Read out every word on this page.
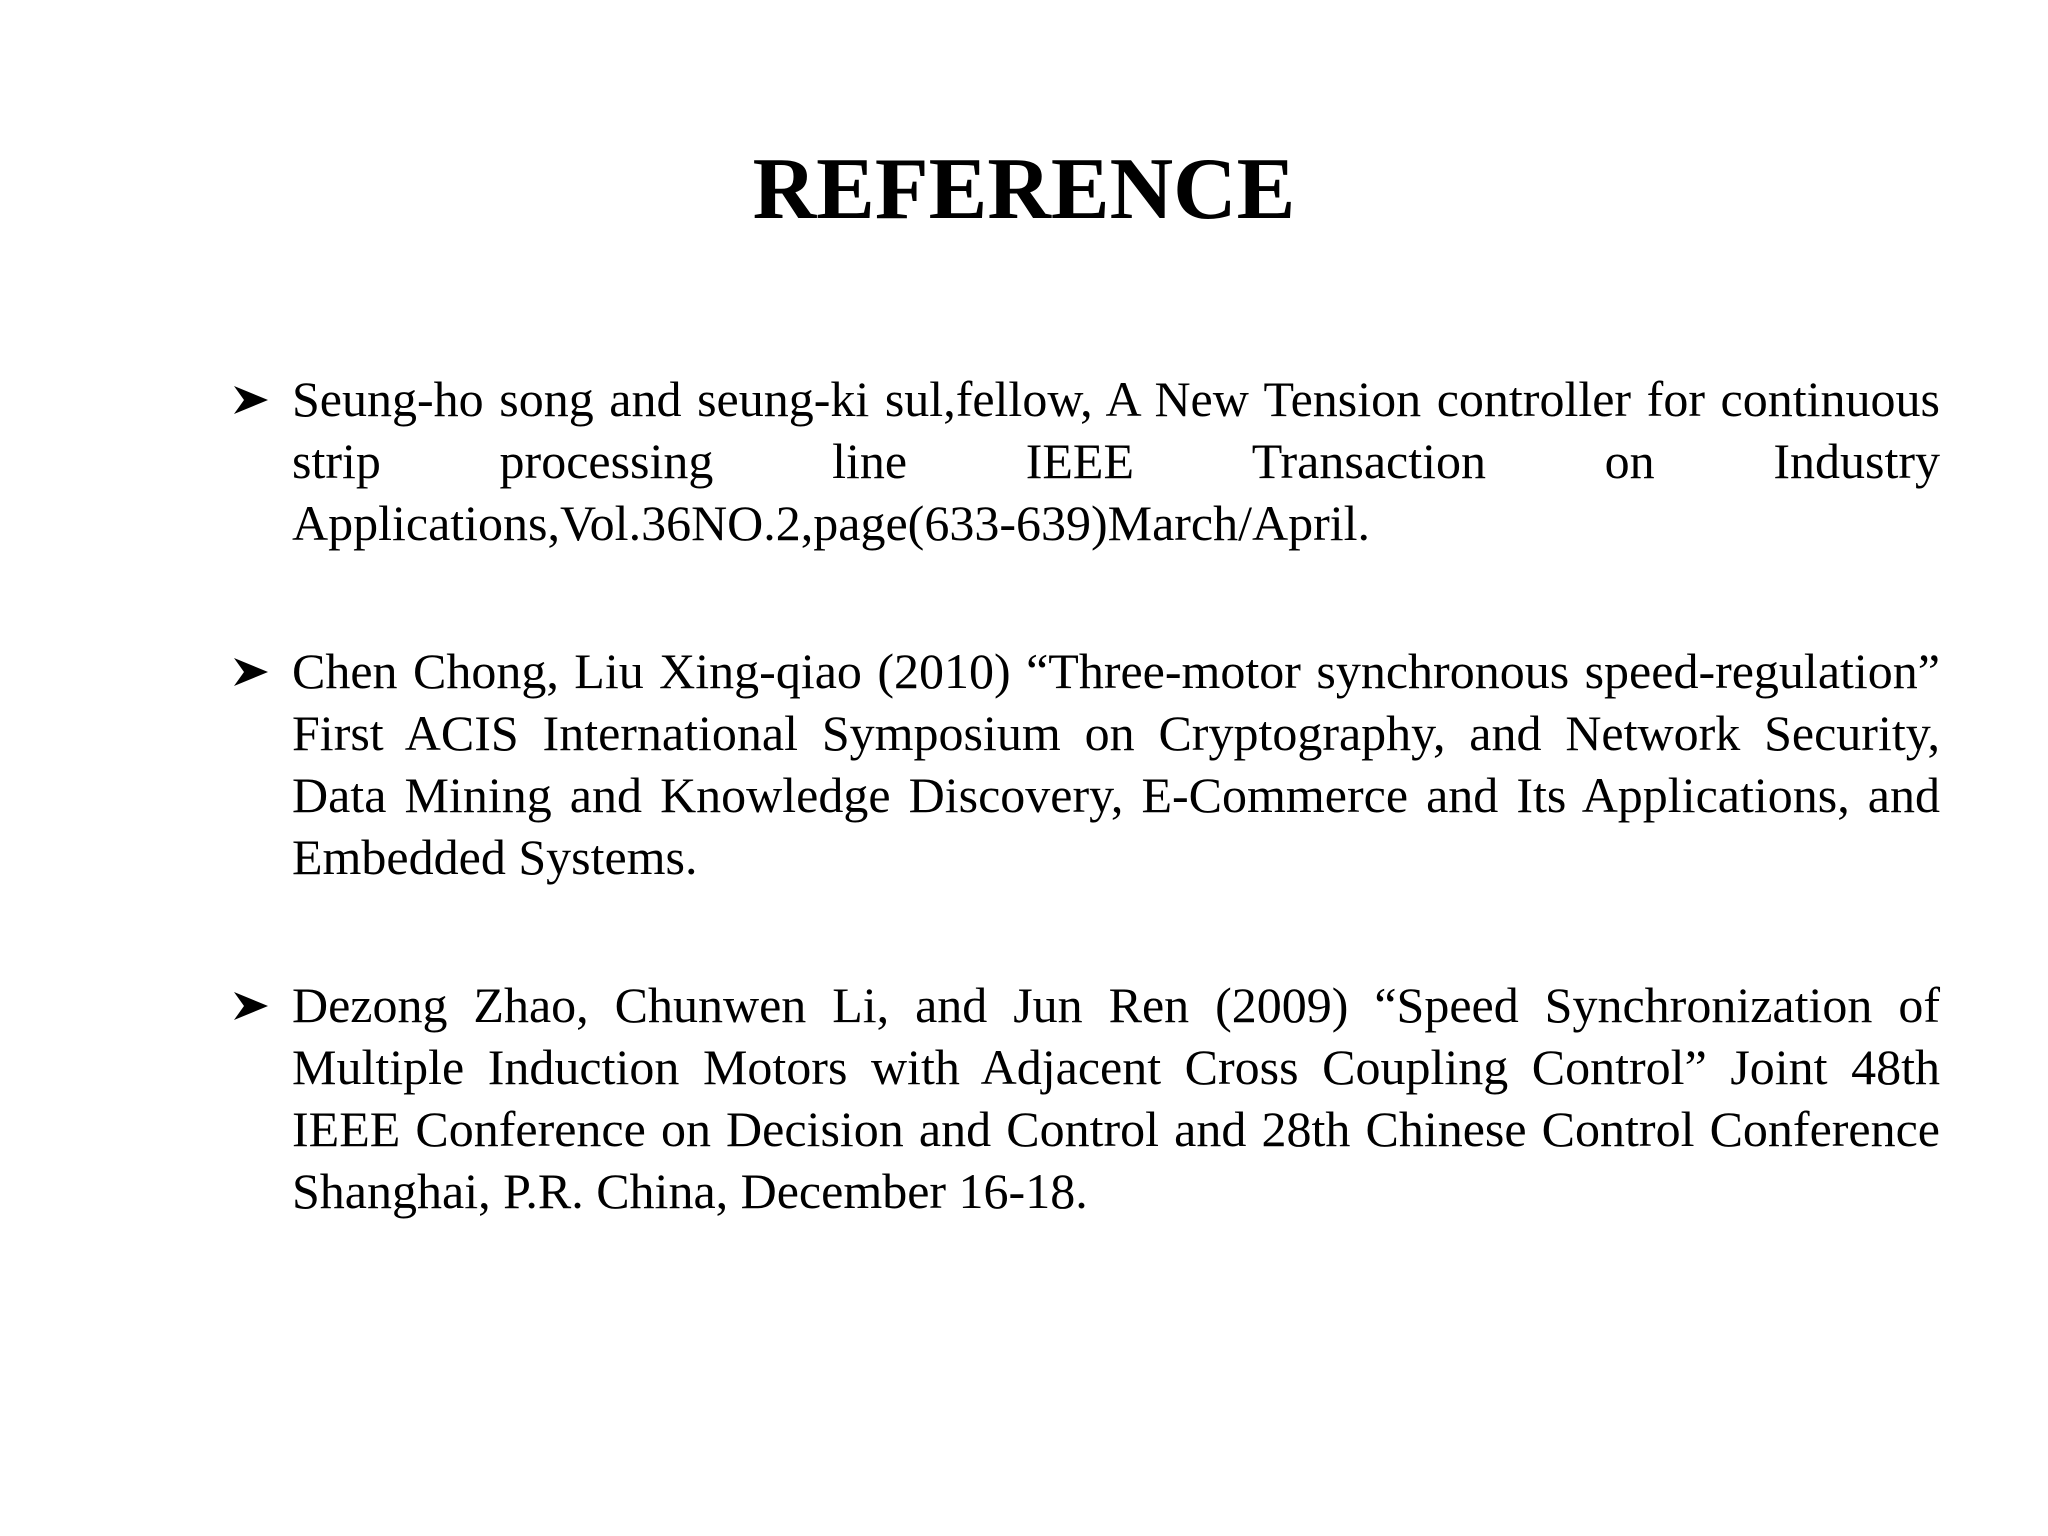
REFERENCE
Seung-ho song and seung-ki sul,fellow, A New Tension controller for continuous strip processing line IEEE Transaction on Industry Applications,Vol.36NO.2,page(633-639)March/April.
Chen Chong, Liu Xing-qiao (2010) “Three-motor synchronous speed-regulation” First ACIS International Symposium on Cryptography, and Network Security, Data Mining and Knowledge Discovery, E-Commerce and Its Applications, and Embedded Systems.
Dezong Zhao, Chunwen Li, and Jun Ren (2009) “Speed Synchronization of Multiple Induction Motors with Adjacent Cross Coupling Control” Joint 48th IEEE Conference on Decision and Control and 28th Chinese Control Conference Shanghai, P.R. China, December 16-18.
